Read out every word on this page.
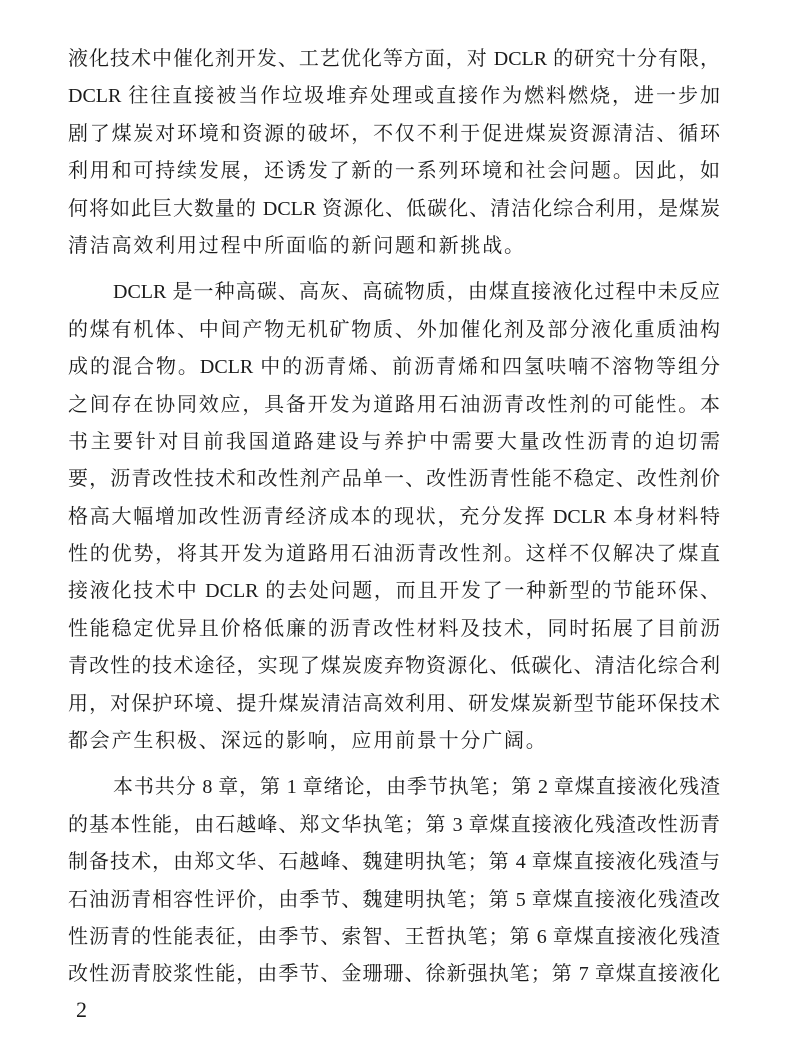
液化技术中催化剂开发、工艺优化等方面，对 DCLR 的研究十分有限，
DCLR 往往直接被当作垃圾堆弃处理或直接作为燃料燃烧，进一步加
剧了煤炭对环境和资源的破坏，不仅不利于促进煤炭资源清洁、循环
利用和可持续发展，还诱发了新的一系列环境和社会问题。因此，如
何将如此巨大数量的 DCLR 资源化、低碳化、清洁化综合利用，是煤炭
清洁高效利用过程中所面临的新问题和新挑战。
DCLR 是一种高碳、高灰、高硫物质，由煤直接液化过程中未反应
的煤有机体、中间产物无机矿物质、外加催化剂及部分液化重质油构
成的混合物。DCLR 中的沥青烯、前沥青烯和四氢呋喃不溶物等组分
之间存在协同效应，具备开发为道路用石油沥青改性剂的可能性。本
书主要针对目前我国道路建设与养护中需要大量改性沥青的迫切需
要，沥青改性技术和改性剂产品单一、改性沥青性能不稳定、改性剂价
格高大幅增加改性沥青经济成本的现状，充分发挥 DCLR 本身材料特
性的优势，将其开发为道路用石油沥青改性剂。这样不仅解决了煤直
接液化技术中 DCLR 的去处问题，而且开发了一种新型的节能环保、
性能稳定优异且价格低廉的沥青改性材料及技术，同时拓展了目前沥
青改性的技术途径，实现了煤炭废弃物资源化、低碳化、清洁化综合利
用，对保护环境、提升煤炭清洁高效利用、研发煤炭新型节能环保技术
都会产生积极、深远的影响，应用前景十分广阔。
本书共分 8 章，第 1 章绪论，由季节执笔；第 2 章煤直接液化残渣
的基本性能，由石越峰、郑文华执笔；第 3 章煤直接液化残渣改性沥青
制备技术，由郑文华、石越峰、魏建明执笔；第 4 章煤直接液化残渣与
石油沥青相容性评价，由季节、魏建明执笔；第 5 章煤直接液化残渣改
性沥青的性能表征，由季节、索智、王哲执笔；第 6 章煤直接液化残渣
改性沥青胶浆性能，由季节、金珊珊、徐新强执笔；第 7 章煤直接液化
2
